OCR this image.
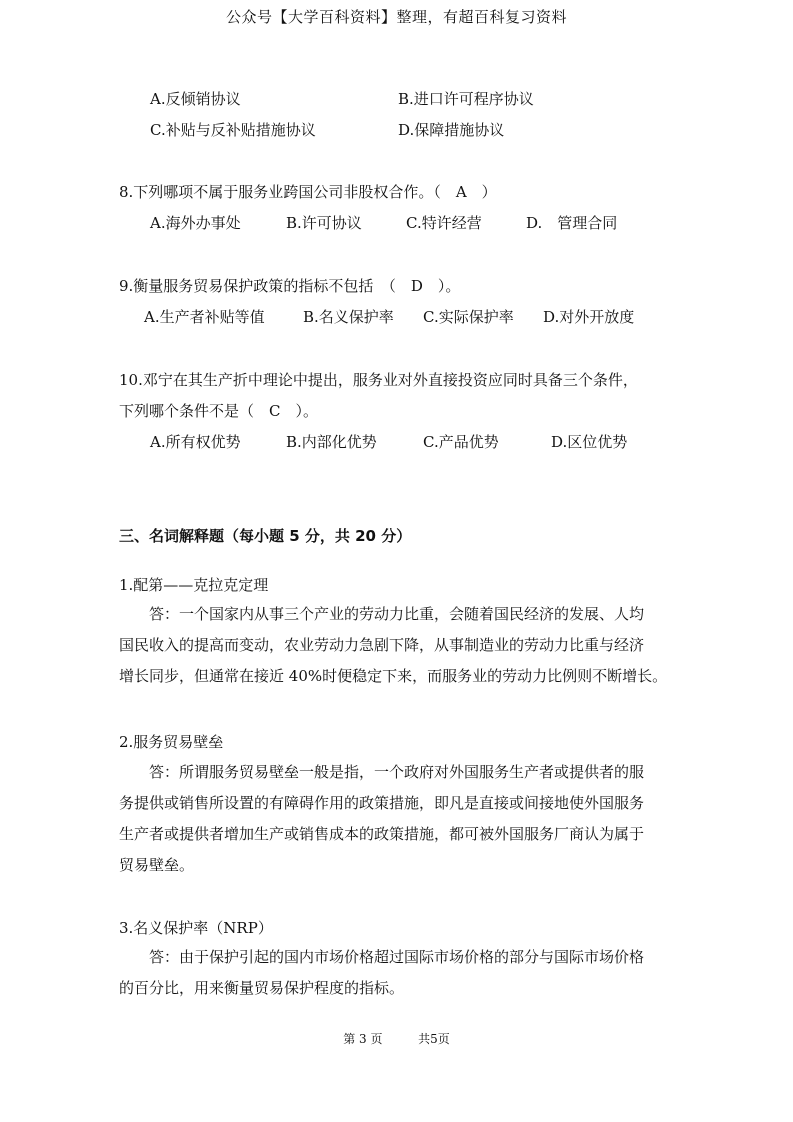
公众号【大学百科资料】整理，有超百科复习资料
A.反倾销协议	B.进口许可程序协议
C.补贴与反补贴措施协议	D.保障措施协议
8.下列哪项不属于服务业跨国公司非股权合作。（　A　）
A.海外办事处	B.许可协议	C.特许经营	D.　管理合同
9.衡量服务贸易保护政策的指标不包括　（　D　）。
A.生产者补贴等值	B.名义保护率 C.实际保护率 D.对外开放度
10.邓宁在其生产折中理论中提出，服务业对外直接投资应同时具备三个条件，
下列哪个条件不是（　C　）。
A.所有权优势	B.内部化优势	C.产品优势	D.区位优势
三、名词解释题（每小题 5 分，共 20 分）
1.配第——克拉克定理
答：一个国家内从事三个产业的劳动力比重，会随着国民经济的发展、人均
国民收入的提高而变动，农业劳动力急剧下降，从事制造业的劳动力比重与经济
增长同步，但通常在接近 40%时便稳定下来，而服务业的劳动力比例则不断增长。
2.服务贸易壁垒
答：所谓服务贸易壁垒一般是指，一个政府对外国服务生产者或提供者的服
务提供或销售所设置的有障碍作用的政策措施，即凡是直接或间接地使外国服务
生产者或提供者增加生产或销售成本的政策措施，都可被外国服务厂商认为属于
贸易壁垒。
3.名义保护率（NRP）
答：由于保护引起的国内市场价格超过国际市场价格的部分与国际市场价格
的百分比，用来衡量贸易保护程度的指标。
第 3 页	共5页
